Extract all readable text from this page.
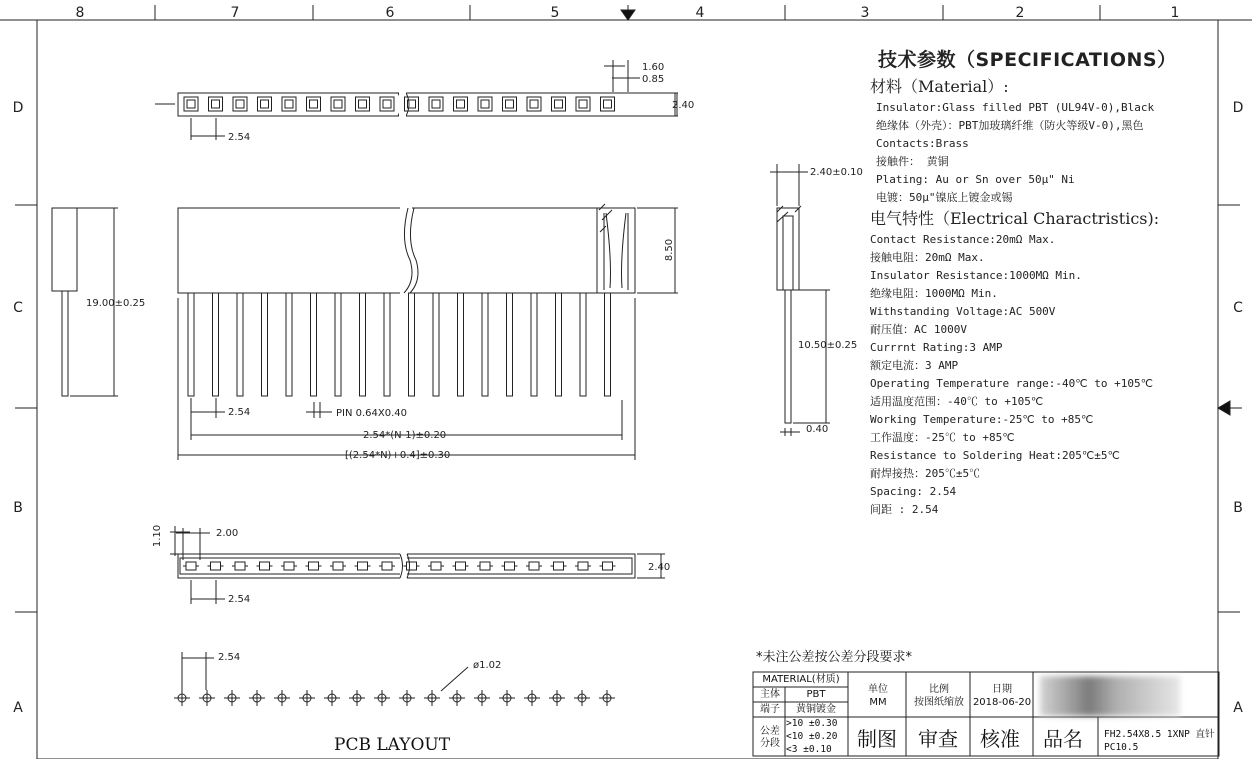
8	7	6	5	4	3	2	1
D	D
C	C
B	B
A	A
1.60
0.85
2.40
2.54
8.50
2.54	PIN 0.64X0.40
2.54*(N-1)±0.20
[(2.54*N)+0.4]±0.30
19.00±0.25
2.40±0.10
10.50±0.25
0.40
1.10	2.00
2.40
2.54
2.54
ø1.02
技术参数（SPECIFICATIONS）
材料（Material）:
Insulator:Glass filled PBT (UL94V-0),Black
绝缘体（外壳）：PBT加玻璃纤维（防火等级V-0),黑色
Contacts:Brass
接触件： 黄铜
Plating: Au or Sn over 50μ" Ni
电镀：50μ"镍底上镀金或锡
电气特性（Electrical Charactristics):
Contact Resistance:20mΩ Max.
接触电阻：20mΩ Max.
Insulator Resistance:1000MΩ Min.
绝缘电阻：1000MΩ Min.
Withstanding Voltage:AC 500V
耐压值：AC 1000V
Currrnt Rating:3 AMP
额定电流：3 AMP
Operating Temperature range:-40℃ to +105℃
适用温度范围：-40℃ to +105℃
Working Temperature:-25℃ to +85℃
工作温度：-25℃ to +85℃
Resistance to Soldering Heat:205℃±5℃
耐焊接热：205℃±5℃
Spacing: 2.54
间距 : 2.54
*未注公差按公差分段要求*
PCB LAYOUT
MATERIAL(材质)
主体	PBT
端子	黄铜镀金
公差
分段
>10 ±0.30
<10 ±0.20
<3 ±0.10
单位
MM
比例
按图纸缩放
日期
2018-06-20
制图 审查 核准 品名 FH2.54X8.5 1XNP 直针
PC10.5
